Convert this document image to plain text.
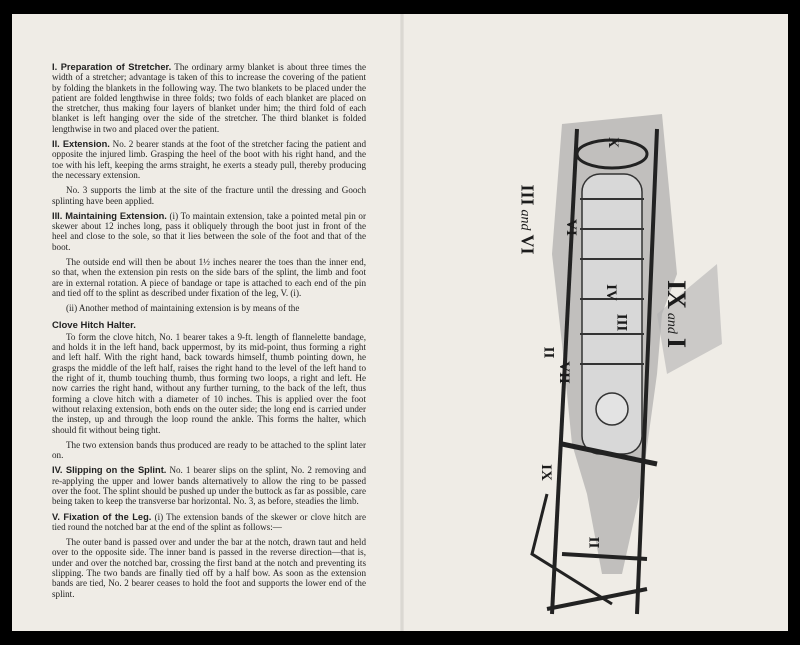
I. Preparation of Stretcher. The ordinary army blanket is about three times the width of a stretcher; advantage is taken of this to increase the covering of the patient by folding the blankets in the following way. The two blankets to be placed under the patient are folded lengthwise in three folds; two folds of each blanket are placed on the stretcher, thus making four layers of blanket under him; the third fold of each blanket is left hanging over the side of the stretcher. The third blanket is folded lengthwise in two and placed over the patient.

II. Extension. No. 2 bearer stands at the foot of the stretcher facing the patient and opposite the injured limb. Grasping the heel of the boot with his right hand, and the toe with his left, keeping the arms straight, he exerts a steady pull, thereby producing the necessary extension.

No. 3 supports the limb at the site of the fracture until the dressing and Gooch splinting have been applied.

III. Maintaining Extension. (i) To maintain extension, take a pointed metal pin or skewer about 12 inches long, pass it obliquely through the boot just in front of the heel and close to the sole, so that it lies between the sole of the foot and that of the boot.

The outside end will then be about 1½ inches nearer the toes than the inner end, so that, when the extension pin rests on the side bars of the splint, the limb and foot are in external rotation. A piece of bandage or tape is attached to each end of the pin and tied off to the splint as described under fixation of the leg, V. (i).

(ii) Another method of maintaining extension is by means of the

Clove Hitch Halter.

To form the clove hitch, No. 1 bearer takes a 9-ft. length of flannelette bandage, and holds it in the left hand, back uppermost, by its mid-point, thus forming a right and left half. With the right hand, back towards himself, thumb pointing down, he grasps the middle of the left half, raises the right hand to the level of the left hand to the right of it, thumb touching thumb, thus forming two loops, a right and left. He now carries the right hand, without any further turning, to the back of the left, thus forming a clove hitch with a diameter of 10 inches. This is applied over the foot without relaxing extension, both ends on the outer side; the long end is carried under the instep, up and through the loop round the ankle. This forms the halter, which should fit without being tight.

The two extension bands thus produced are ready to be attached to the splint later on.

IV. Slipping on the Splint. No. 1 bearer slips on the splint, No. 2 removing and re-applying the upper and lower bands alternatively to allow the ring to be passed over the foot. The splint should be pushed up under the buttock as far as possible, care being taken to keep the transverse bar horizontal. No. 3, as before, steadies the limb.

V. Fixation of the Leg. (i) The extension bands of the skewer or clove hitch are tied round the notched bar at the end of the splint as follows:—

The outer band is passed over and under the bar at the notch, drawn taut and held over to the opposite side. The inner band is passed in the reverse direction—that is, under and over the notched bar, crossing the first band at the notch and preventing its slipping. The two bands are finally tied off by a half bow. As soon as the extension bands are tied, No. 2 bearer ceases to hold the foot and supports the lower end of the splint.

IXandI
IIIandVI
X
VI
IV
III
II
VII
IX
II
